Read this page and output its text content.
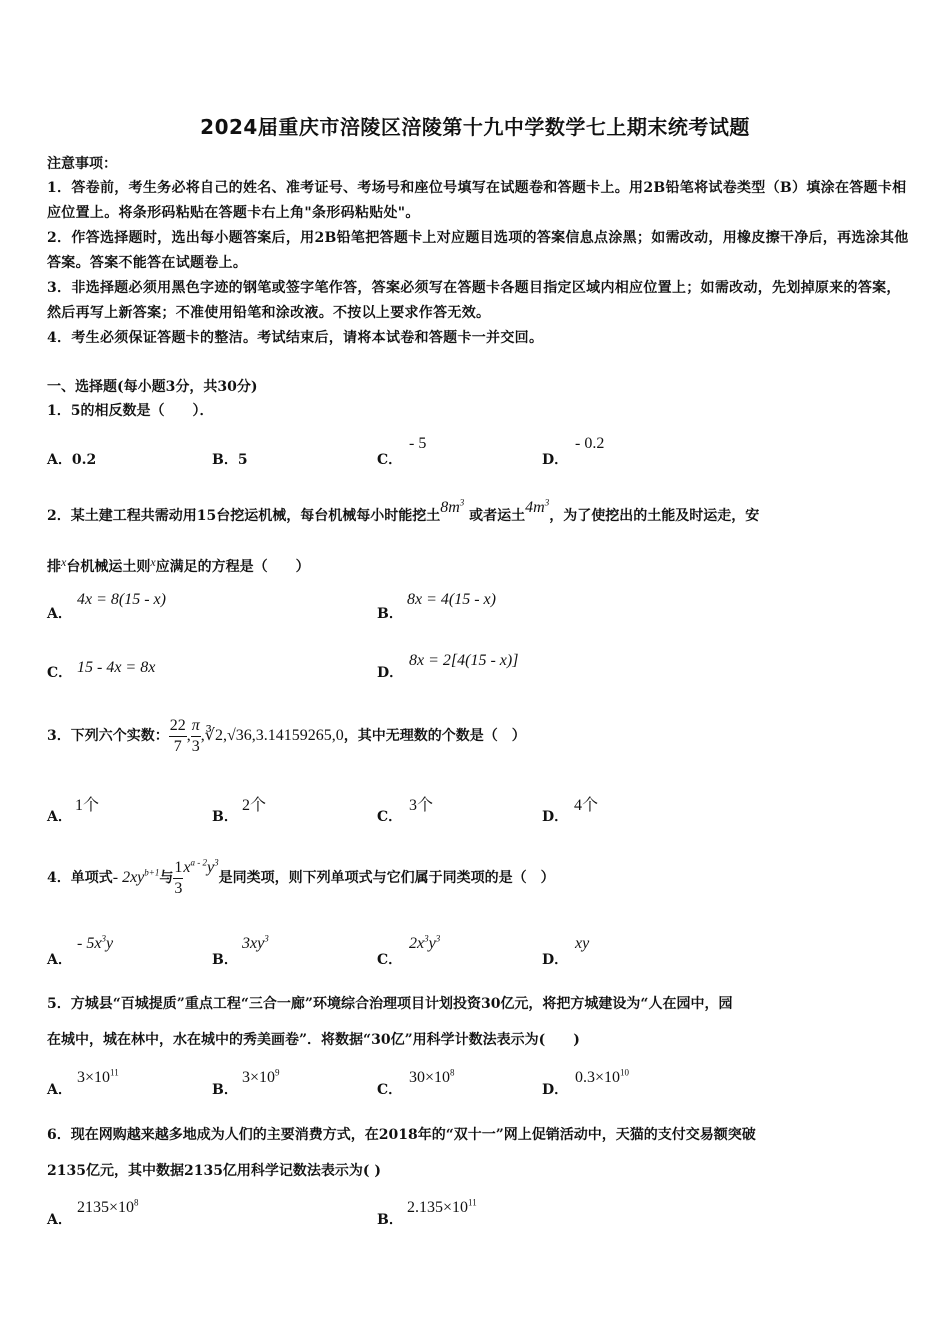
2024届重庆市涪陵区涪陵第十九中学数学七上期末统考试题
注意事项：

1．答卷前，考生务必将自己的姓名、准考证号、考场号和座位号填写在试题卷和答题卡上。用2B铅笔将试卷类型（B）填涂在答题卡相应位置上。将条形码粘贴在答题卡右上角"条形码粘贴处"。

2．作答选择题时，选出每小题答案后，用2B铅笔把答题卡上对应题目选项的答案信息点涂黑；如需改动，用橡皮擦干净后，再选涂其他答案。答案不能答在试题卷上。

3．非选择题必须用黑色字迹的钢笔或签字笔作答，答案必须写在答题卡各题目指定区域内相应位置上；如需改动，先划掉原来的答案，然后再写上新答案；不准使用铅笔和涂改液。不按以上要求作答无效。

4．考生必须保证答题卡的整洁。考试结束后，请将本试卷和答题卡一并交回。

一、选择题(每小题3分，共30分)
1．5的相反数是（　　）．
A．0.2	B．5	C．
- 5
D．
- 0.2
2．某土建工程共需动用15台挖运机械，每台机械每小时能挖土$8m^3$ 或者运土$4m^3$，为了使挖出的土能及时运走，安
排x台机械运土则x应满足的方程是（　　）
A．
4x = 8(15 - x)
B．
8x = 4(15 - x)
C． 15 - 4x = 8x	D．
8x = 2[4(15 - x)]
3．下列六个实数： $\frac{22}{7}$ , $\frac{\pi}{3}$ ,∛2,√36,3.14159265,0，其中无理数的个数是（　）
A．
1个
B．
2个
C．
3个
D．
4个
4．单项式- $2xy^{b+1}$与 $\frac{1}{3} x^{a - 2}y^3$是同类项，则下列单项式与它们属于同类项的是（　）
A．
- $5x^3y$
B．
$3xy^3$
C．
$2x^3y^3$
D．
xy
5．方城县“百城提质”重点工程“三合一廊”环境综合治理项目计划投资30亿元，将把方城建设为“人在园中，园
在城中，城在林中，水在城中的秀美画卷”．将数据“30亿”用科学计数法表示为(　　)
A．
$3\times 10^{11}$
B．
$3\times 10^9$
C．
$30\times 10^8$
D．
$0.3\times 10^{10}$
6．现在网购越来越多地成为人们的主要消费方式，在2018年的“双十一”网上促销活动中，天猫的支付交易额突破
2135亿元，其中数据2135亿用科学记数法表示为( )
A．
$2135\times 10^8$
B．
$2.135\times 10^{11}$
